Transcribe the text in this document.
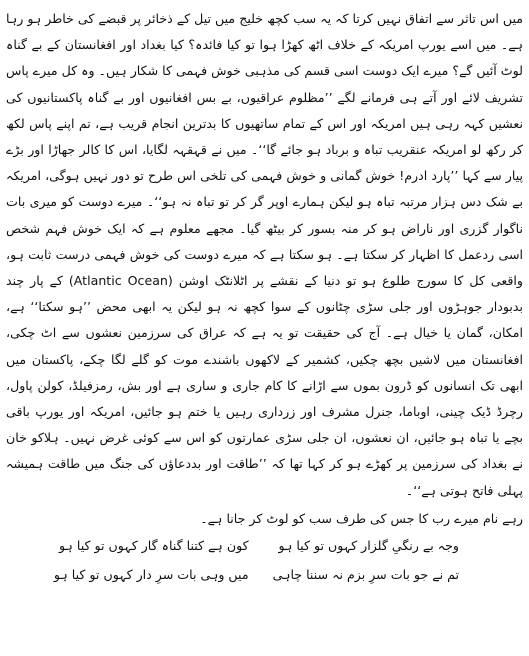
میں اس تاثر سے اتفاق نہیں کرتا کہ یہ سب کچھ خلیج میں تیل کے ذخائر پر قبضے کی خاطر ہو رہا ہے۔ میں اسے یورپ امریکہ کے خلاف اٹھ کھڑا ہوا تو کیا فائدہ؟ کیا بغداد اور افغانستان کے بے گناہ لوٹ آئیں گے؟

میرے ایک دوست اسی قسم کی مذہبی خوش فہمی کا شکار ہیں۔ وہ کل میرے پاس تشریف لائے اور آتے ہی فرمانے لگے ’’مظلوم عراقیوں، بے بس افغانیوں اور بے گناہ پاکستانیوں کی نعشیں کہہ رہی ہیں امریکہ اور اس کے تمام ساتھیوں کا بدترین انجام قریب ہے، تم اپنے پاس لکھ کر رکھ لو امریکہ عنقریب تباہ و برباد ہو جائے گا‘‘۔ میں نے قہقہہ لگایا، اس کا کالر جھاڑا اور بڑے پیار سے کہا ’’پارد ادرم! خوش گمانی و خوش فہمی کی تلخی اس طرح تو دور نہیں ہوگی، امریکہ بے شک دس ہزار مرتبہ تباہ ہو لیکن ہمارے اوپر گر کر تو تباہ نہ ہو‘‘۔ میرے دوست کو میری بات ناگوار گزری اور ناراض ہو کر منہ بسور کر بیٹھ گیا۔ مجھے معلوم ہے کہ ایک خوش فہم شخص اسی ردعمل کا اظہار کر سکتا ہے۔ ہو سکتا ہے کہ میرے دوست کی خوش فہمی درست ثابت ہو، واقعی کل کا سورج طلوع ہو تو دنیا کے نقشے پر اٹلانٹک اوشن (Atlantic Ocean) کے پار چند بدبودار جوہڑوں اور جلی سڑی چٹانوں کے سوا کچھ نہ ہو لیکن یہ ابھی محض ’’ہو سکتا‘‘ ہے، امکان، گمان یا خیال ہے۔ آج کی حقیقت تو یہ ہے کہ عراق کی سرزمین نعشوں سے اٹ چکی، افغانستان میں لاشیں بچھ چکیں، کشمیر کے لاکھوں باشندے موت کو گلے لگا چکے، پاکستان میں ابھی تک انسانوں کو ڈرون بموں سے اڑانے کا کام جاری و ساری ہے اور بش، رمزفیلڈ، کولن پاول، رچرڈ ڈیک چینی، اوباما، جنرل مشرف اور زرداری رہیں یا ختم ہو جائیں، امریکہ اور یورپ باقی بچے یا تباہ ہو جائیں، ان نعشوں، ان جلی سڑی عمارتوں کو اس سے کوئی غرض نہیں۔ ہلاکو خان نے بغداد کی سرزمین پر کھڑے ہو کر کہا تھا کہ ’’طاقت اور بددعاؤں کی جنگ میں طاقت ہمیشہ پہلی فاتح ہوتی ہے‘‘۔

رہے نام میرے رب کا جس کی طرف سب کو لوٹ کر جانا ہے۔
وجہ بے رنگیِ گلزار کہوں تو کیا ہو
کون ہے کتنا گناہ گار کہوں تو کیا ہو
تم نے جو بات سرِ بزم نہ سننا چاہی
میں وہی بات سرِ دار کہوں تو کیا ہو
